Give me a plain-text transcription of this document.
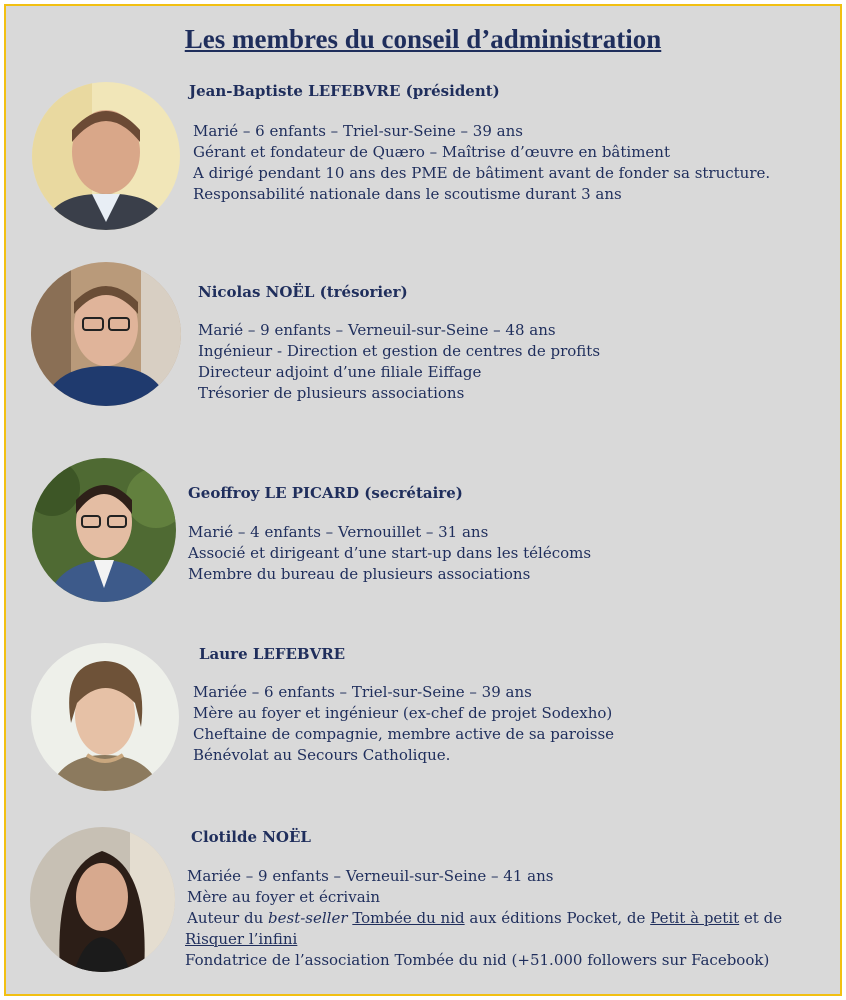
Les membres du conseil d’administration
Jean-Baptiste LEFEBVRE (président)
Marié – 6 enfants – Triel-sur-Seine – 39 ans
Gérant et fondateur de Quæro – Maîtrise d’œuvre en bâtiment
A dirigé pendant 10 ans des PME de bâtiment avant de fonder sa structure.
Responsabilité nationale dans le scoutisme durant 3 ans
Nicolas NOËL (trésorier)
Marié – 9 enfants – Verneuil-sur-Seine – 48 ans
Ingénieur - Direction et gestion de centres de profits
Directeur adjoint d’une filiale Eiffage
Trésorier de plusieurs associations
Geoffroy LE PICARD (secrétaire)
Marié – 4 enfants – Vernouillet – 31 ans
Associé et dirigeant d’une start-up dans les télécoms
Membre du bureau de plusieurs associations
Laure LEFEBVRE
Mariée – 6 enfants – Triel-sur-Seine – 39 ans
Mère au foyer et ingénieur (ex-chef de projet Sodexho)
Cheftaine de compagnie, membre active de sa paroisse
Bénévolat au Secours Catholique.
Clotilde NOËL
Mariée – 9 enfants – Verneuil-sur-Seine – 41 ans
Mère au foyer et écrivain
Auteur du best-seller Tombée du nid aux éditions Pocket, de Petit à petit et de
Risquer l’infini
Fondatrice de l’association Tombée du nid (+51.000 followers sur Facebook)
